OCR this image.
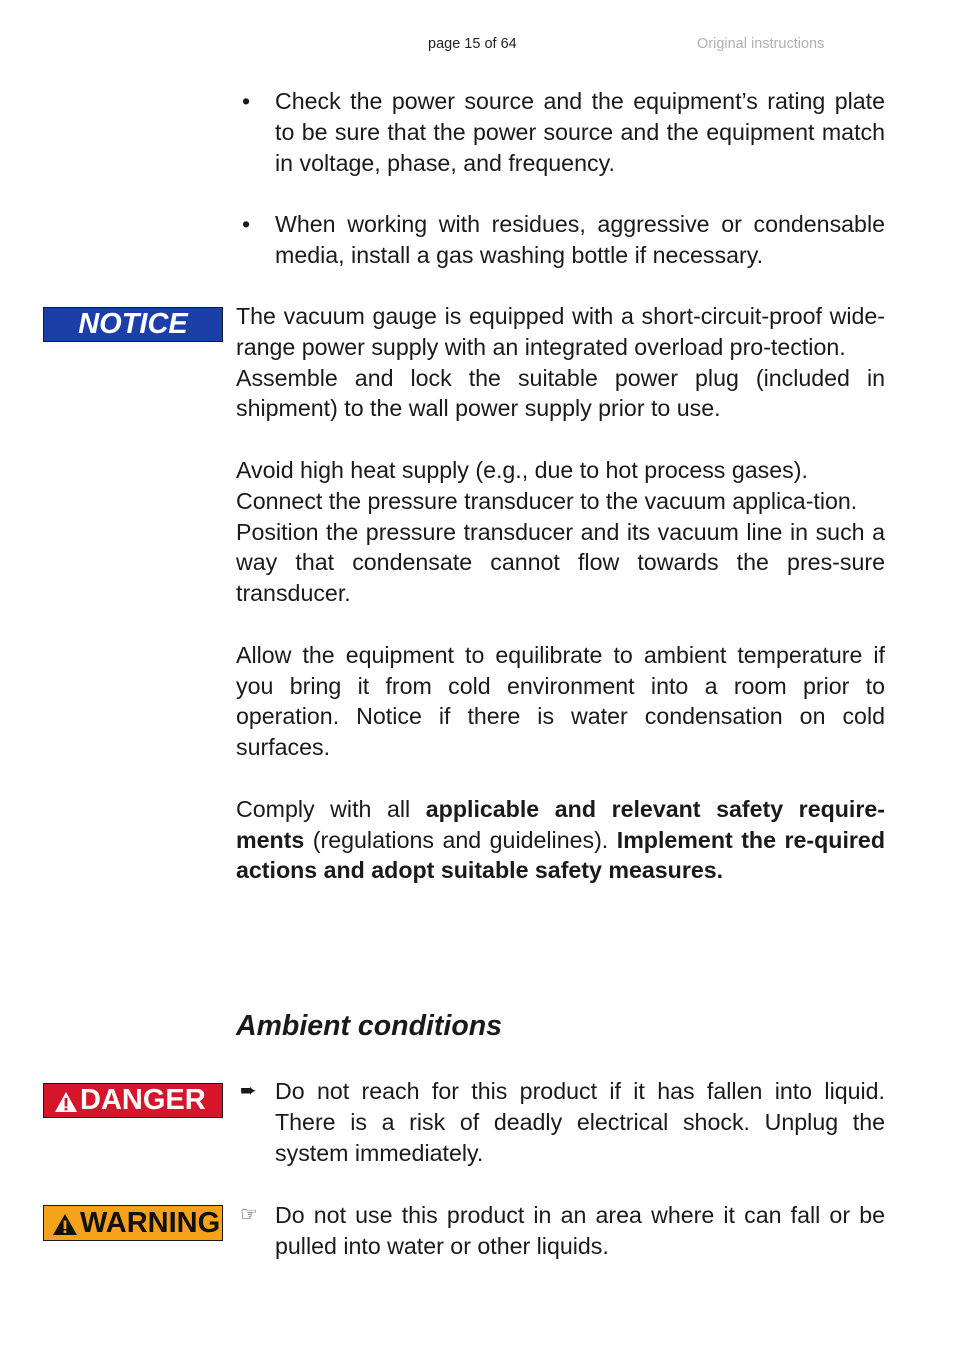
page 15 of 64	Original instructions
•	Check the power source and the equipment’s rating plate to be sure that the power source and the equipment match in voltage, phase, and frequency.
•	When working with residues, aggressive or condensable media, install a gas washing bottle if necessary.
NOTICE The vacuum gauge is equipped with a short-circuit-proof wide-range power supply with an integrated overload pro-tection.

Assemble and lock the suitable power plug (included in shipment) to the wall power supply prior to use.

Avoid high heat supply (e.g., due to hot process gases).

Connect the pressure transducer to the vacuum applica-tion.

Position the pressure transducer and its vacuum line in such a way that condensate cannot flow towards the pres-sure transducer.

Allow the equipment to equilibrate to ambient temperature if you bring it from cold environment into a room prior to operation. Notice if there is water condensation on cold surfaces.

Comply with all applicable and relevant safety require-ments (regulations and guidelines). Implement the re-quired actions and adopt suitable safety measures.

Ambient conditions
DANGER ➨ Do not reach for this product if it has fallen into liquid. There is a risk of deadly electrical shock. Unplug the system immediately.
WARNING ☞ Do not use this product in an area where it can fall or be pulled into water or other liquids.
